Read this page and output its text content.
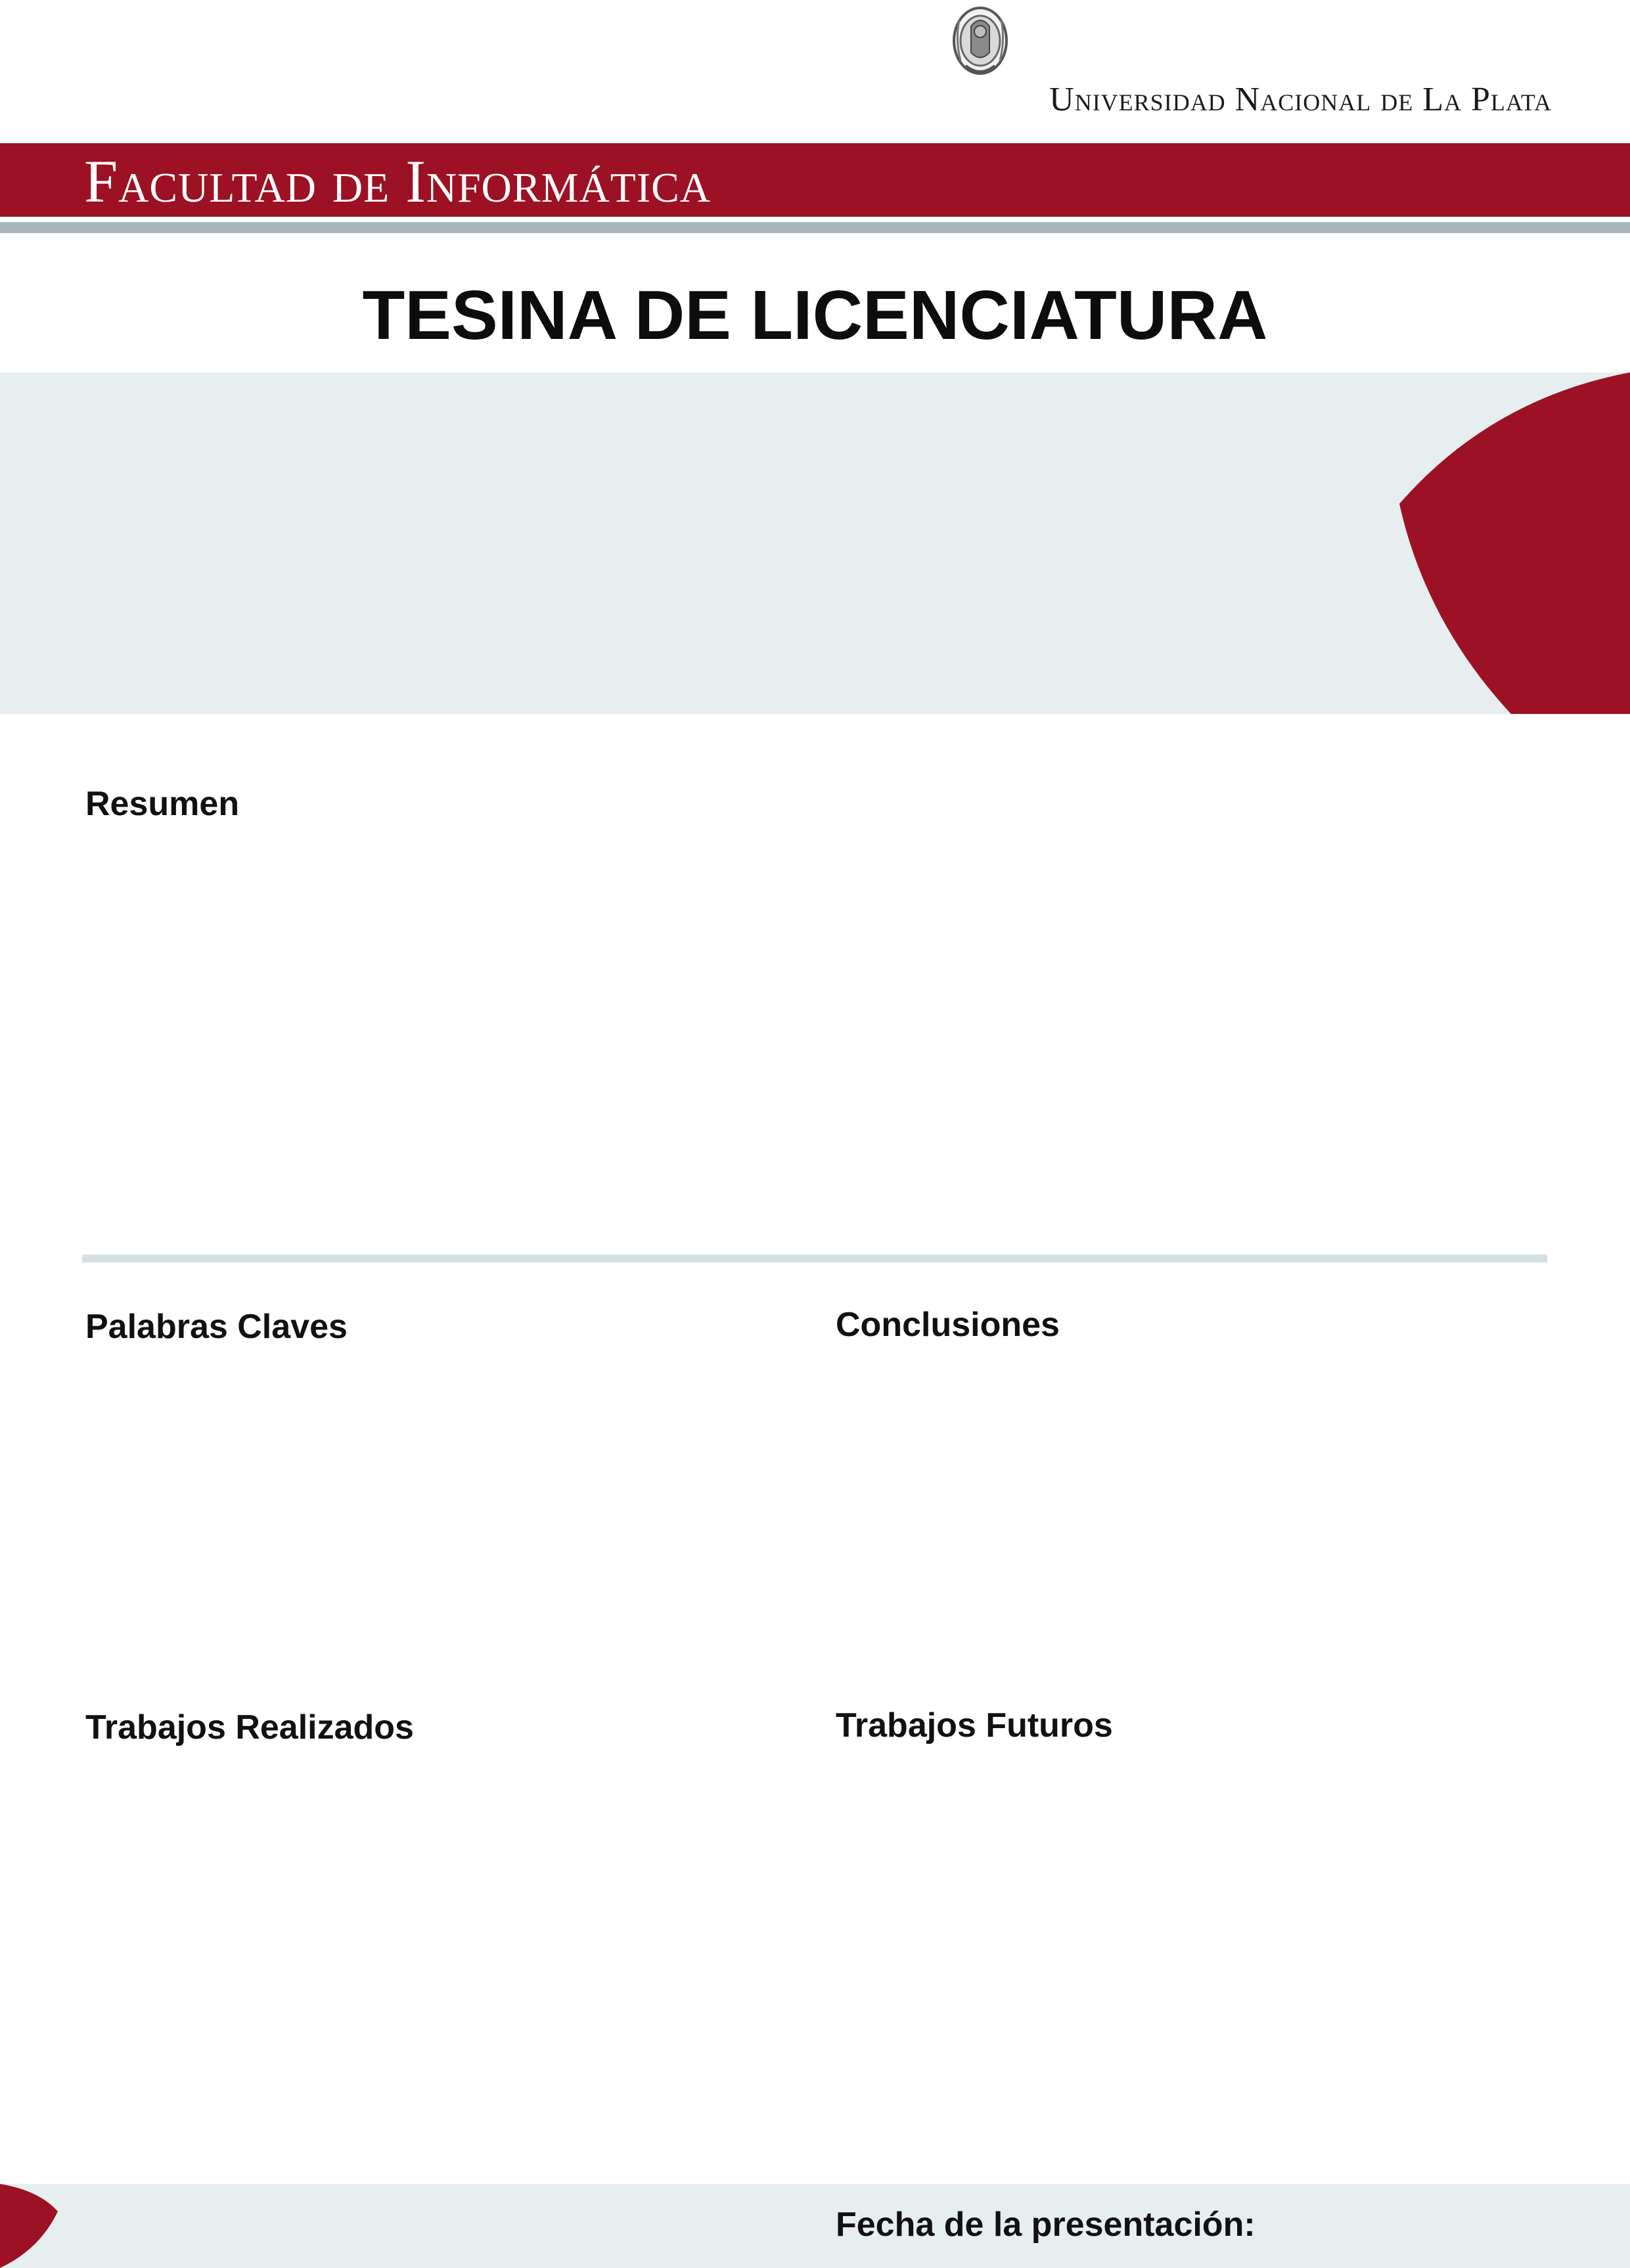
Universidad Nacional de La Plata
Facultad de Informática
TESINA DE LICENCIATURA
Resumen
Palabras Claves	Conclusiones
Trabajos Realizados	Trabajos Futuros
Fecha de la presentación:
